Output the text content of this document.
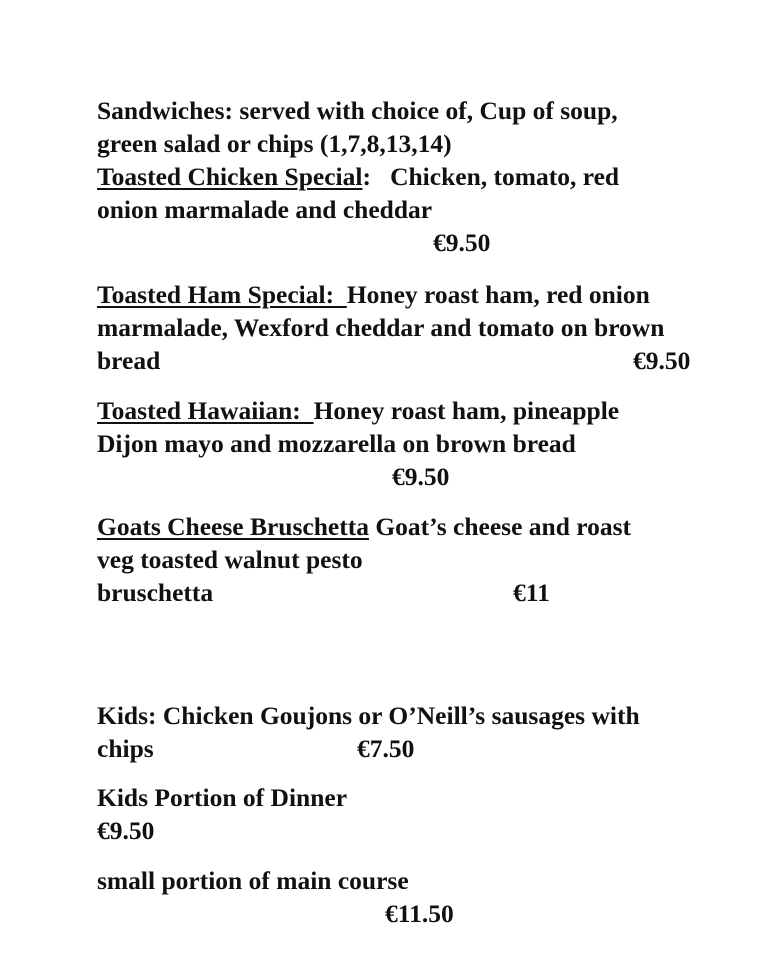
Sandwiches: served with choice of, Cup of soup,
green salad or chips (1,7,8,13,14)
Toasted Chicken Special:   Chicken, tomato, red
onion marmalade and cheddar
€9.50
Toasted Ham Special:  Honey roast ham, red onion
marmalade, Wexford cheddar and tomato on brown
bread	€9.50
Toasted Hawaiian:  Honey roast ham, pineapple
Dijon mayo and mozzarella on brown bread
€9.50
Goats Cheese Bruschetta Goat’s cheese and roast
veg toasted walnut pesto
bruschetta	€11
Kids: Chicken Goujons or O’Neill’s sausages with
chips	€7.50
Kids Portion of Dinner
€9.50
small portion of main course
€11.50
